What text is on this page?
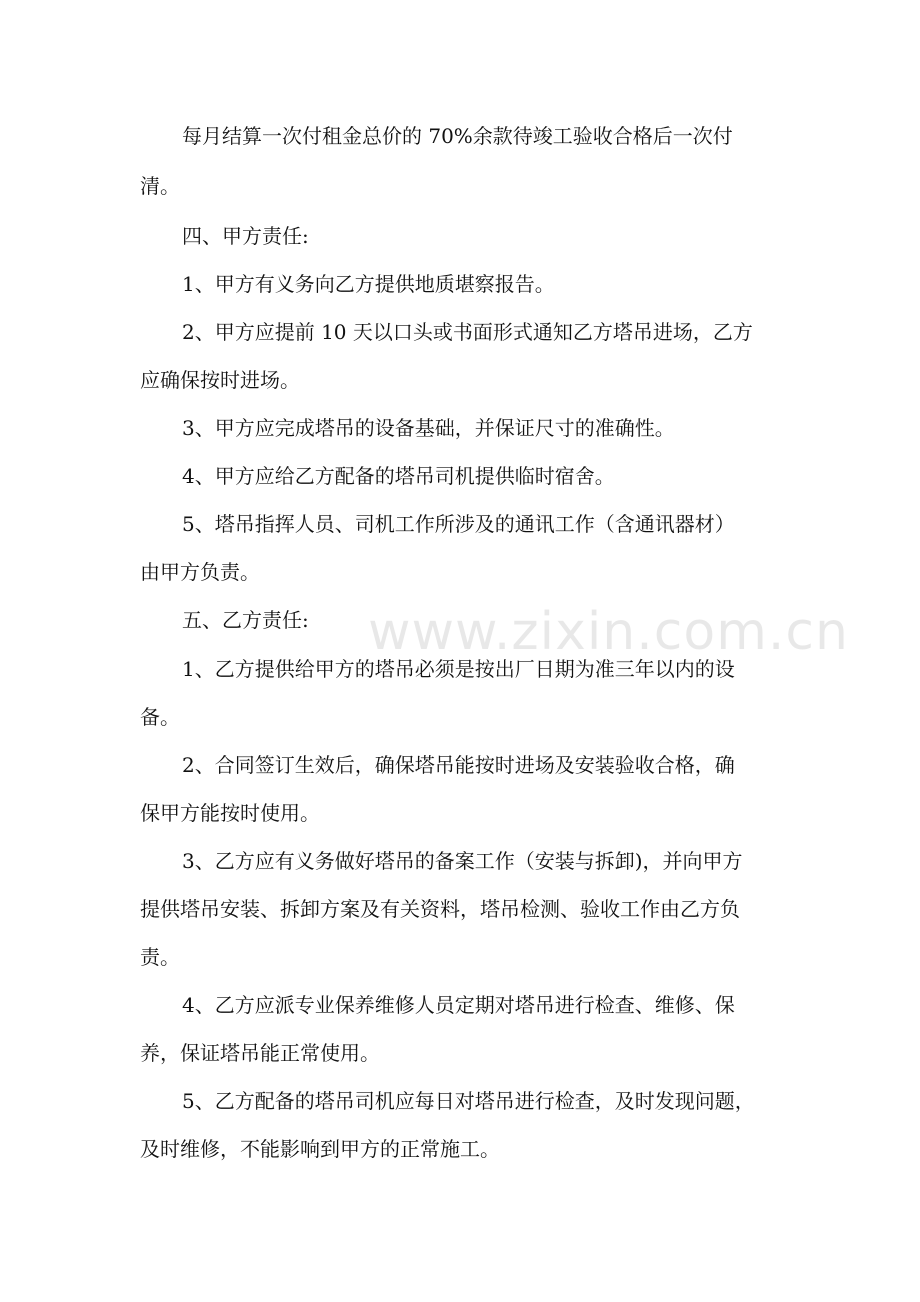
www.zixin.com.cn
每月结算一次付租金总价的 70%余款待竣工验收合格后一次付
清。
四、甲方责任:
1、甲方有义务向乙方提供地质堪察报告。
2、甲方应提前 10 天以口头或书面形式通知乙方塔吊进场，乙方
应确保按时进场。
3、甲方应完成塔吊的设备基础，并保证尺寸的准确性。
4、甲方应给乙方配备的塔吊司机提供临时宿舍。
5、塔吊指挥人员、司机工作所涉及的通讯工作（含通讯器材）
由甲方负责。
五、乙方责任:
1、乙方提供给甲方的塔吊必须是按出厂日期为准三年以内的设
备。
2、合同签订生效后，确保塔吊能按时进场及安装验收合格，确
保甲方能按时使用。
3、乙方应有义务做好塔吊的备案工作（安装与拆卸)，并向甲方
提供塔吊安装、拆卸方案及有关资料，塔吊检测、验收工作由乙方负
责。
4、乙方应派专业保养维修人员定期对塔吊进行检查、维修、保
养，保证塔吊能正常使用。
5、乙方配备的塔吊司机应每日对塔吊进行检查，及时发现问题，
及时维修，不能影响到甲方的正常施工。
